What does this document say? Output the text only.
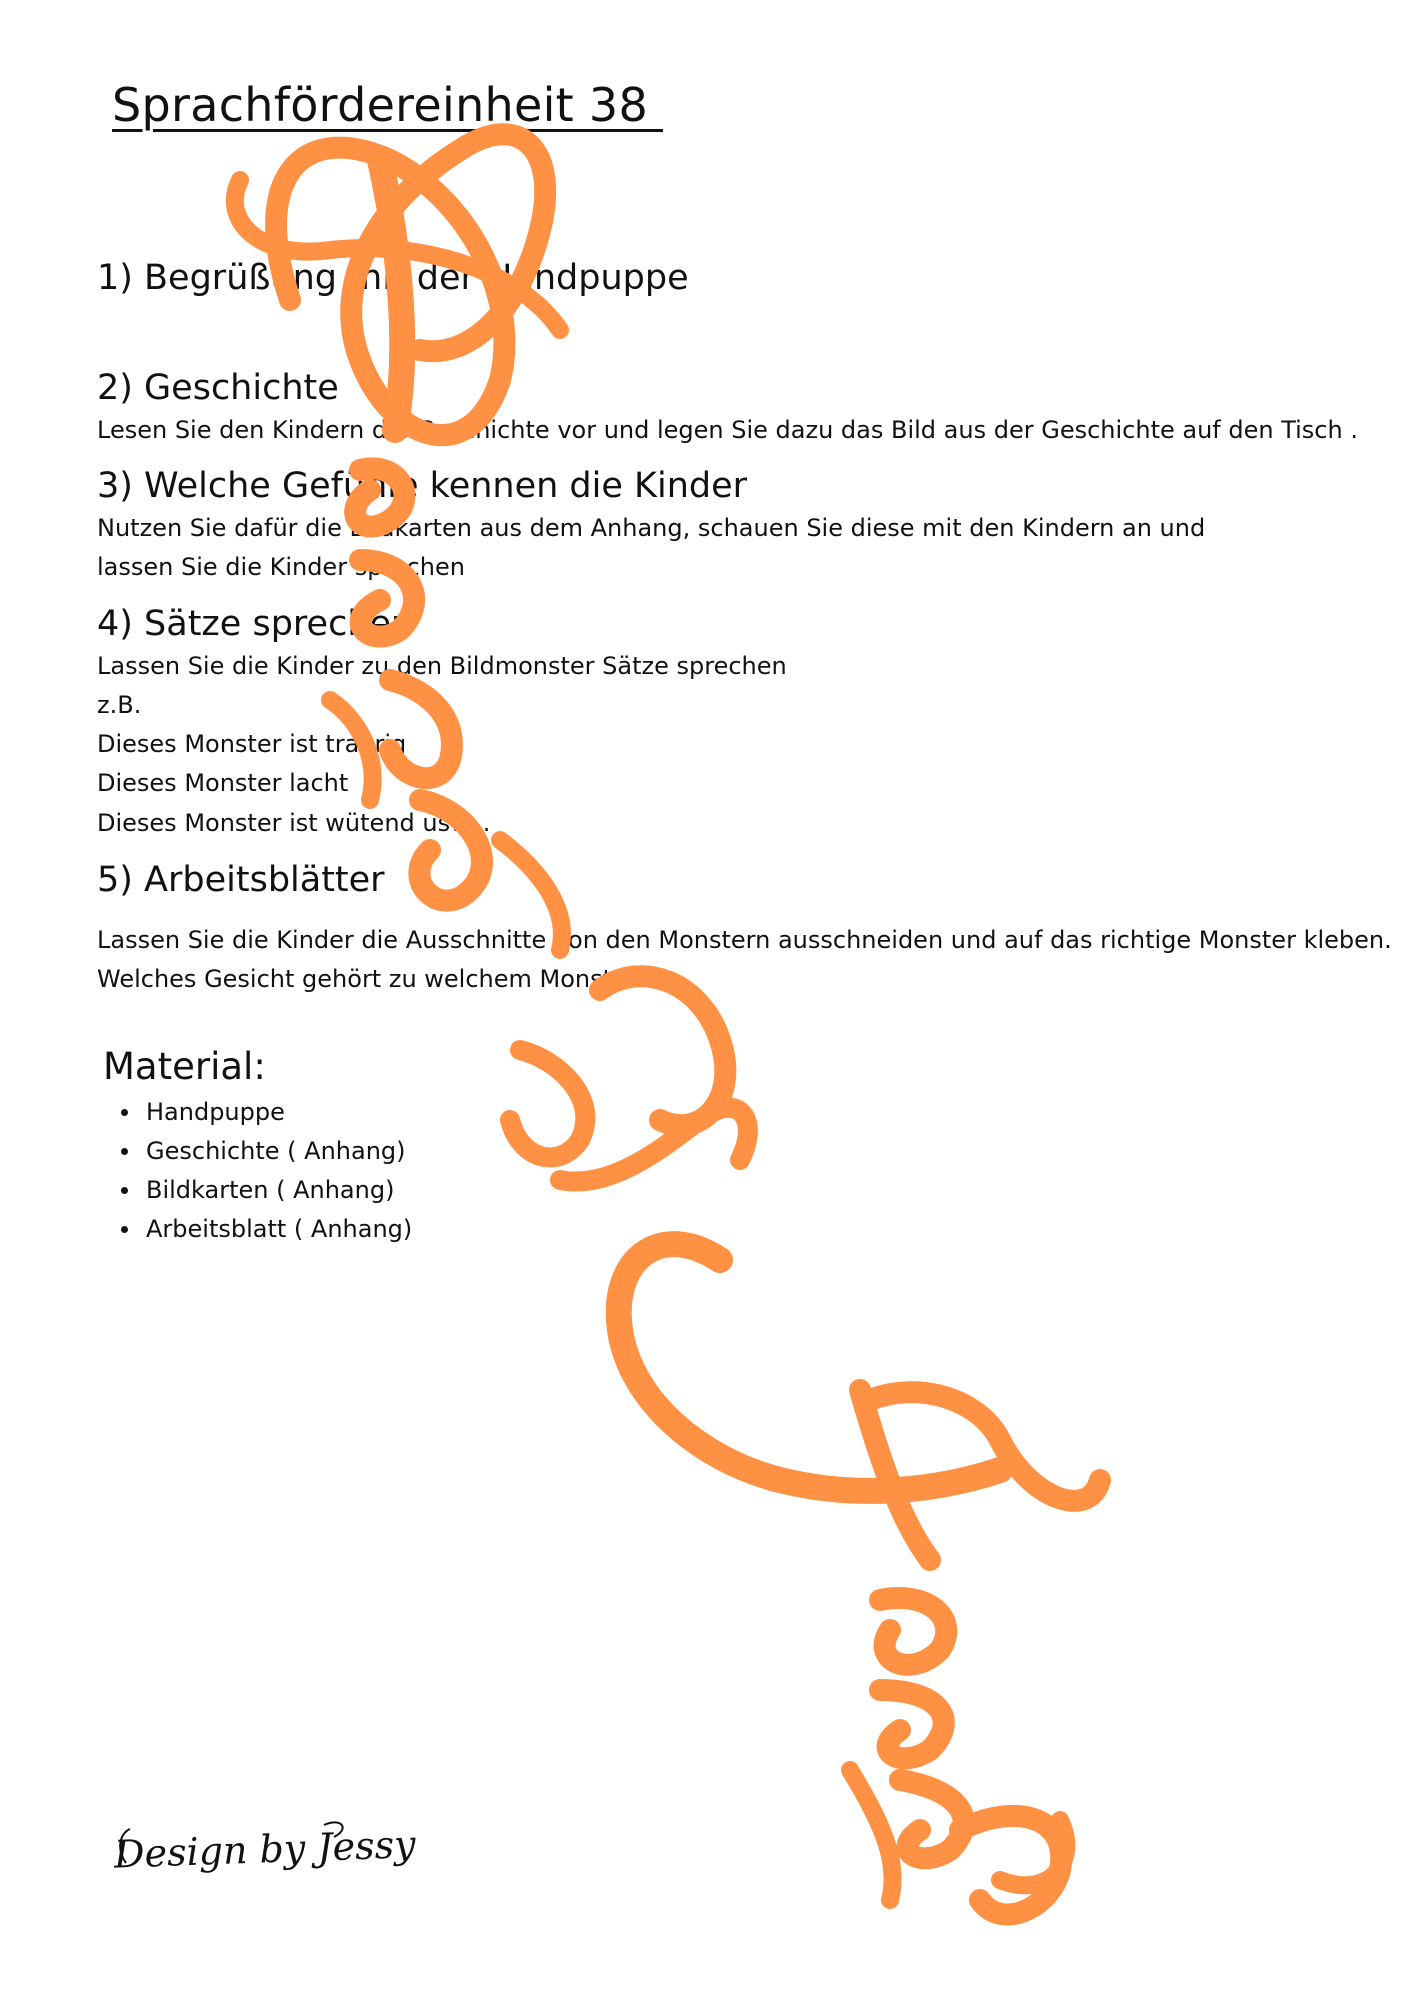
Sprachfördereinheit 38
1) Begrüßung mit der Handpuppe
2) Geschichte
Lesen Sie den Kindern die Geschichte vor und legen Sie dazu das Bild aus der Geschichte auf den Tisch .
3) Welche Gefühle kennen die Kinder
Nutzen Sie dafür die Bildkarten aus dem Anhang, schauen Sie diese mit den Kindern an und
lassen Sie die Kinder sprechen
4) Sätze sprechen
Lassen Sie die Kinder zu den Bildmonster Sätze sprechen
z.B.
Dieses Monster ist traurig
Dieses Monster lacht
Dieses Monster ist wütend usw...
5) Arbeitsblätter
Lassen Sie die Kinder die Ausschnitte von den Monstern ausschneiden und auf das richtige Monster kleben.
Welches Gesicht gehört zu welchem Monster ?
Material:
Handpuppe
Geschichte ( Anhang)
Bildkarten ( Anhang)
Arbeitsblatt ( Anhang)
Design by Jessy
